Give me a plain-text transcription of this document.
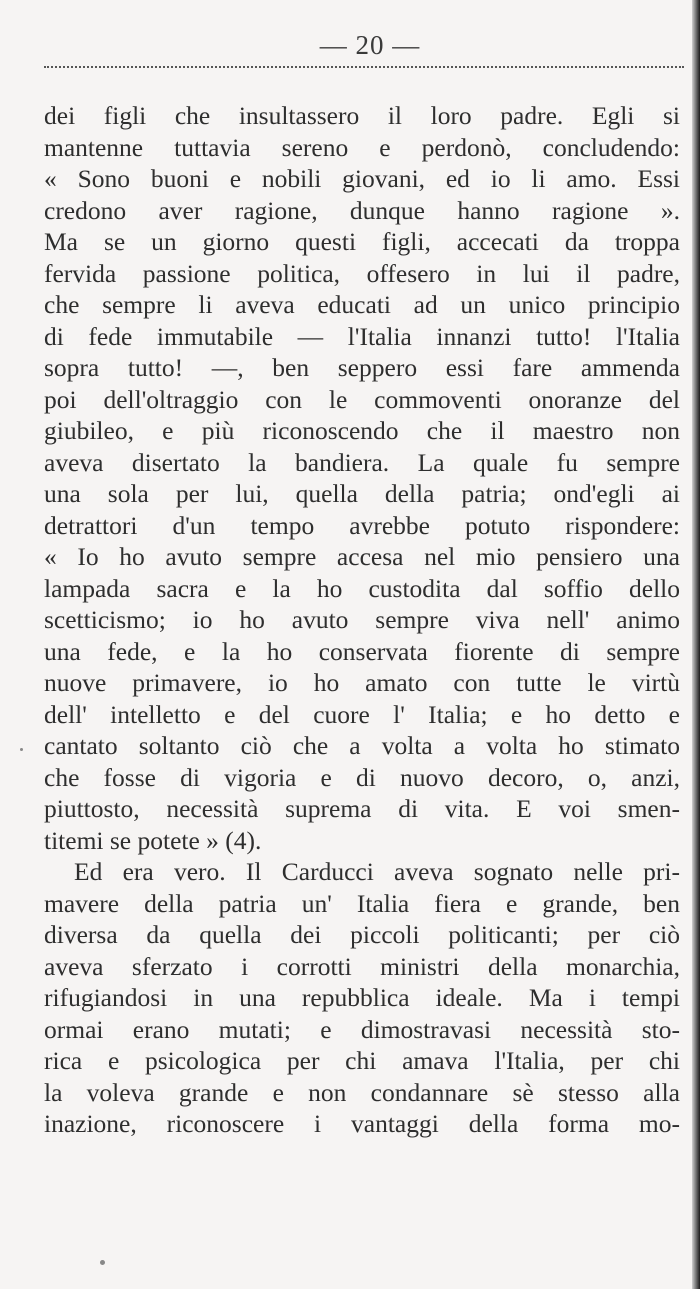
— 20 —
dei figli che insultassero il loro padre. Egli si
mantenne tuttavia sereno e perdonò, concludendo:
« Sono buoni e nobili giovani, ed io li amo. Essi
credono aver ragione, dunque hanno ragione ».
Ma se un giorno questi figli, accecati da troppa
fervida passione politica, offesero in lui il padre,
che sempre li aveva educati ad un unico principio
di fede immutabile — l'Italia innanzi tutto! l'Italia
sopra tutto! —, ben seppero essi fare ammenda
poi dell'oltraggio con le commoventi onoranze del
giubileo, e più riconoscendo che il maestro non
aveva disertato la bandiera. La quale fu sempre
una sola per lui, quella della patria; ond'egli ai
detrattori d'un tempo avrebbe potuto rispondere:
« Io ho avuto sempre accesa nel mio pensiero una
lampada sacra e la ho custodita dal soffio dello
scetticismo; io ho avuto sempre viva nell' animo
una fede, e la ho conservata fiorente di sempre
nuove primavere, io ho amato con tutte le virtù
dell' intelletto e del cuore l' Italia; e ho detto e
cantato soltanto ciò che a volta a volta ho stimato
che fosse di vigoria e di nuovo decoro, o, anzi,
piuttosto, necessità suprema di vita. E voi smen-
titemi se potete » (4).
Ed era vero. Il Carducci aveva sognato nelle pri-
mavere della patria un' Italia fiera e grande, ben
diversa da quella dei piccoli politicanti; per ciò
aveva sferzato i corrotti ministri della monarchia,
rifugiandosi in una repubblica ideale. Ma i tempi
ormai erano mutati; e dimostravasi necessità sto-
rica e psicologica per chi amava l'Italia, per chi
la voleva grande e non condannare sè stesso alla
inazione, riconoscere i vantaggi della forma mo-
